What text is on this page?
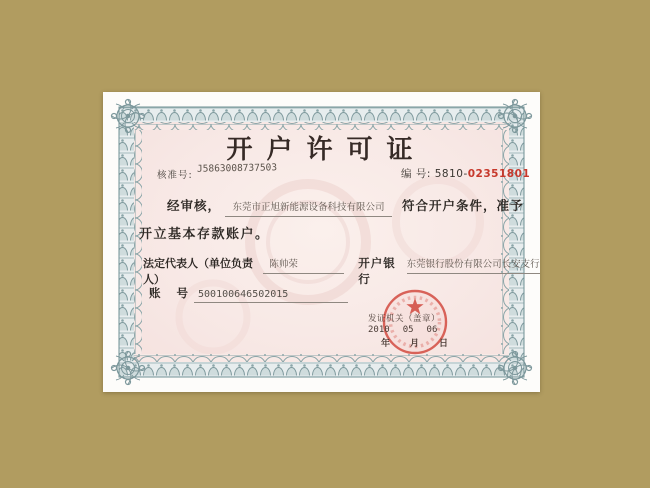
开户许可证
核准号:
J5863008737503	编 号: 5810-02351801
经审核，	东莞市正旭新能源设备科技有限公司	符合开户条件，准予
开立基本存款账户。
法定代表人（单位负责人）
陈帅荣	开户银行
东莞银行股份有限公司长安支行
账 号 500100646502015
发证机关（盖章）
2010 05 06
年 月 日
